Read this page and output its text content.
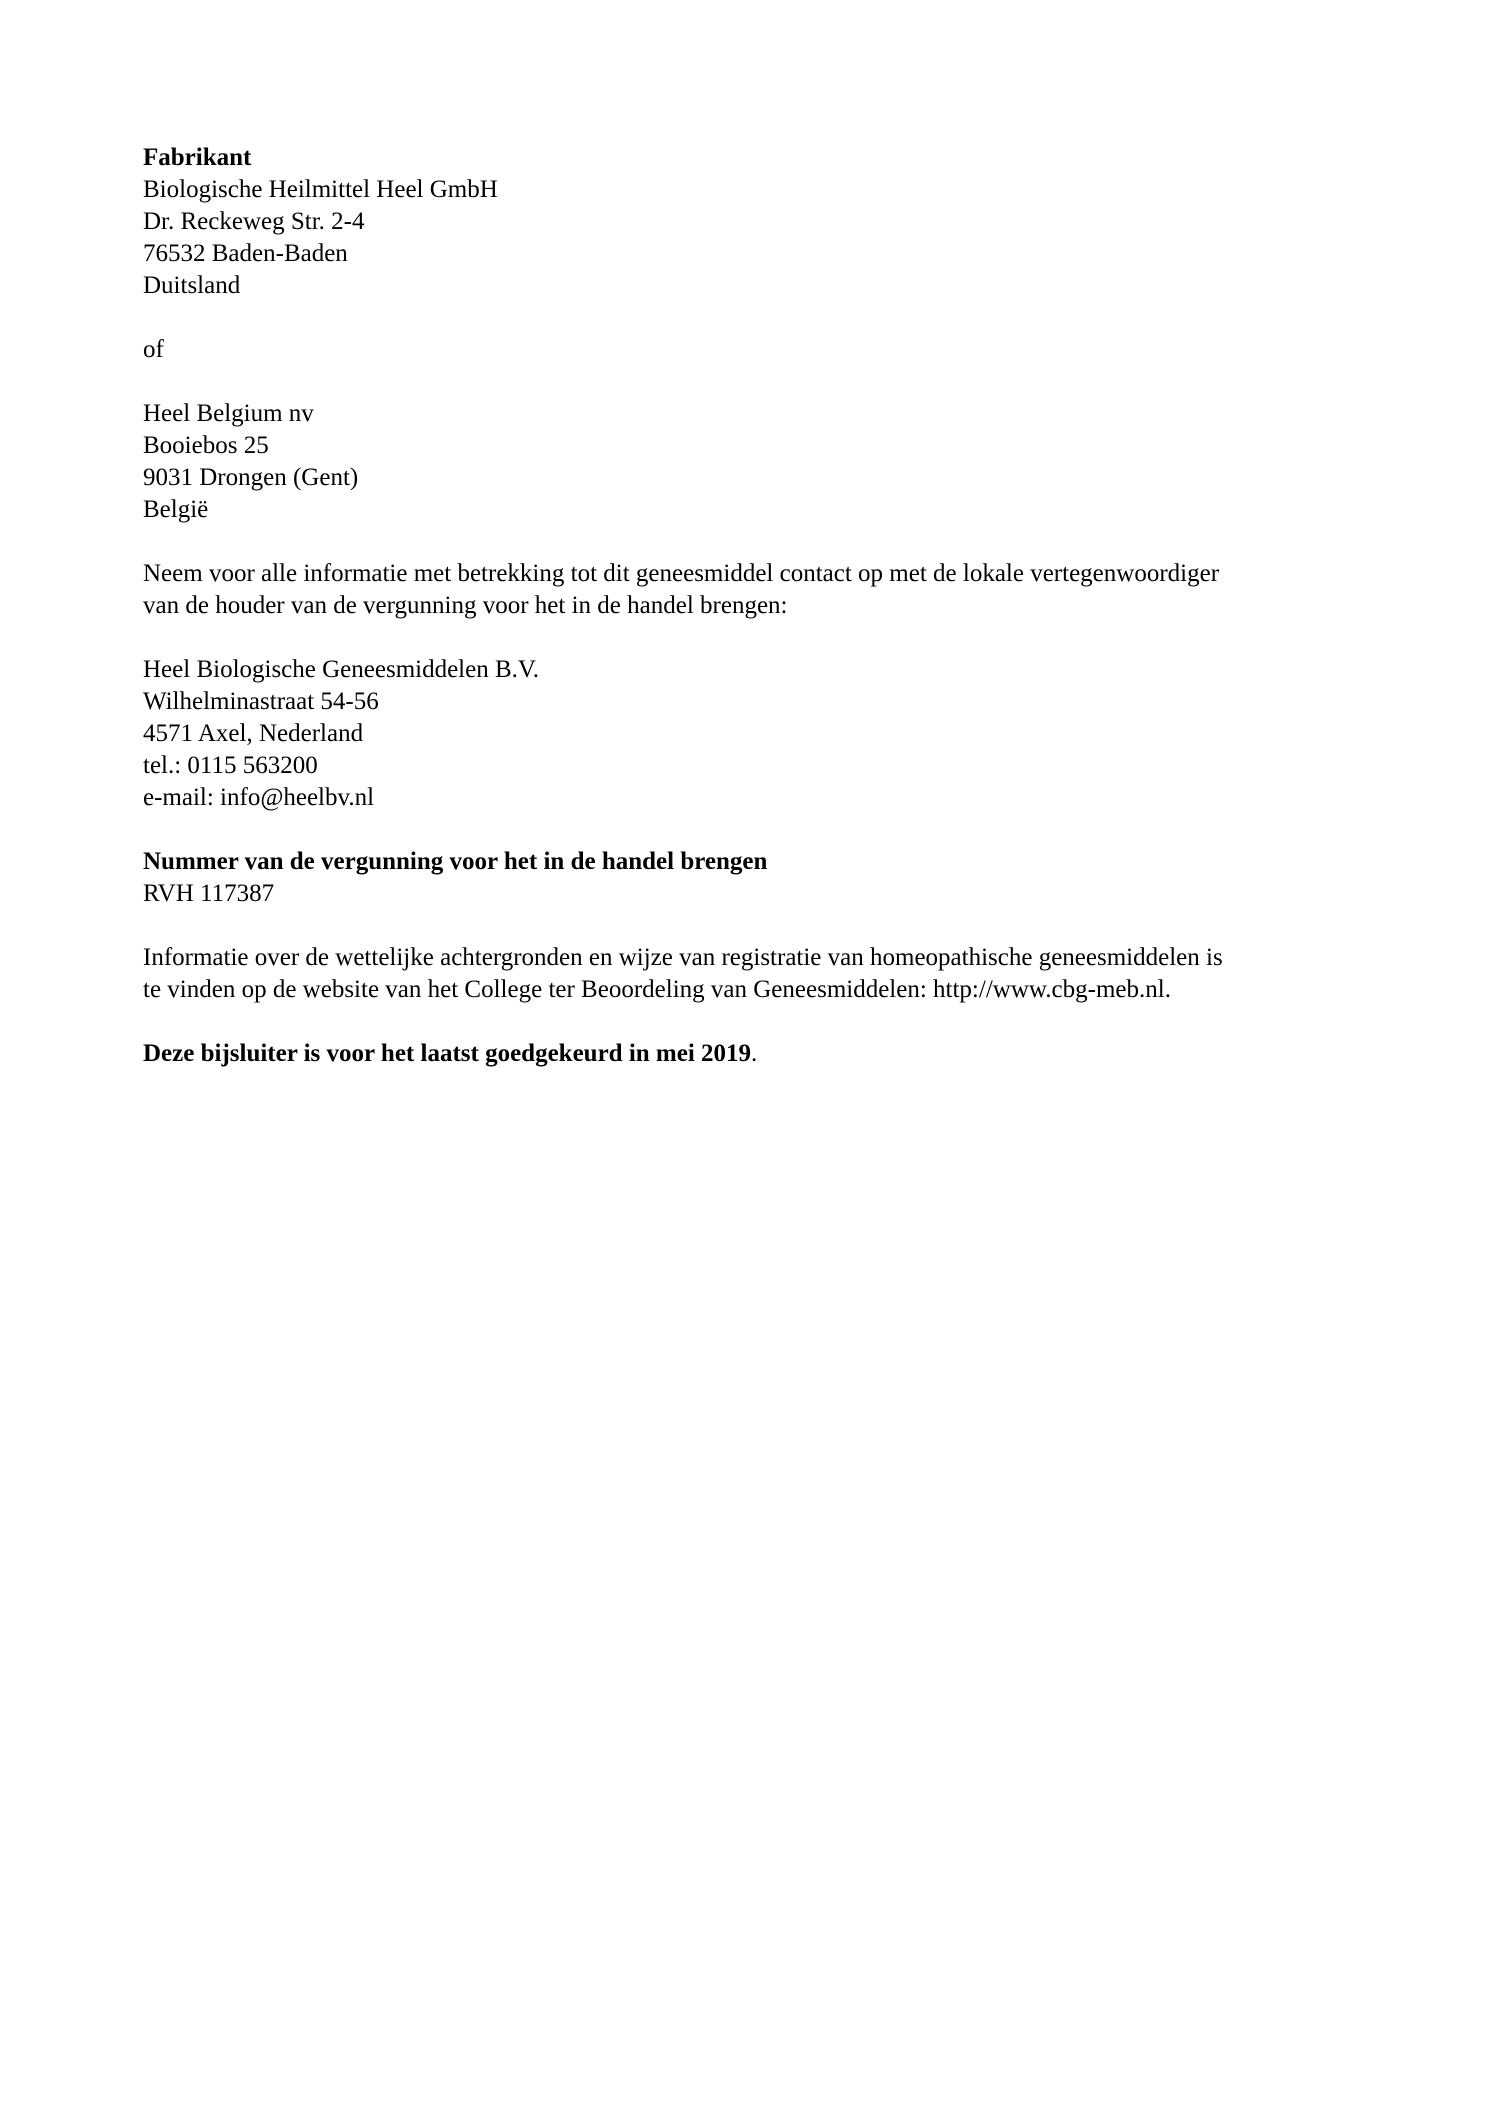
Fabrikant
Biologische Heilmittel Heel GmbH
Dr. Reckeweg Str. 2-4
76532 Baden-Baden
Duitsland
of
Heel Belgium nv
Booiebos 25
9031 Drongen (Gent)
België
Neem voor alle informatie met betrekking tot dit geneesmiddel contact op met de lokale vertegenwoordiger
van de houder van de vergunning voor het in de handel brengen:
Heel Biologische Geneesmiddelen B.V.
Wilhelminastraat 54-56
4571 Axel, Nederland
tel.: 0115 563200
e-mail: info@heelbv.nl
Nummer van de vergunning voor het in de handel brengen
RVH 117387
Informatie over de wettelijke achtergronden en wijze van registratie van homeopathische geneesmiddelen is
te vinden op de website van het College ter Beoordeling van Geneesmiddelen: http://www.cbg-meb.nl.
Deze bijsluiter is voor het laatst goedgekeurd in mei 2019.
